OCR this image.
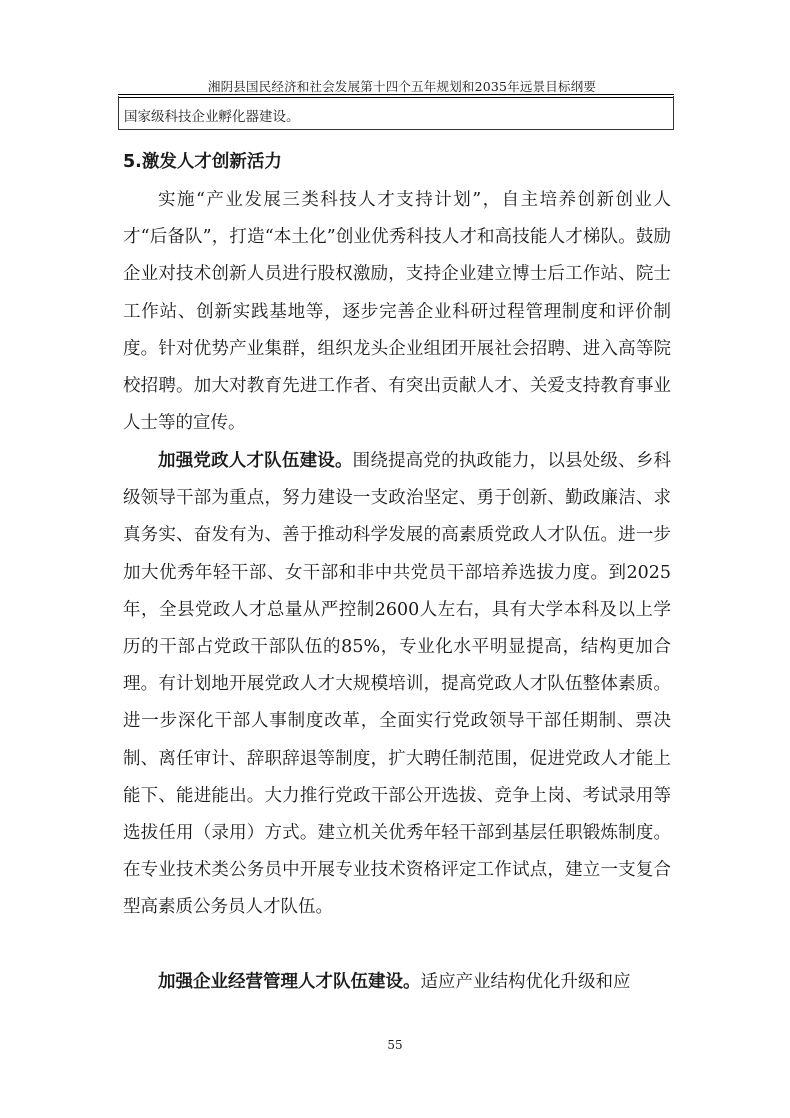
湘阴县国民经济和社会发展第十四个五年规划和2035年远景目标纲要
国家级科技企业孵化器建设。
5.激发人才创新活力

实施“产业发展三类科技人才支持计划”，自主培养创新创业人才“后备队”，打造“本土化”创业优秀科技人才和高技能人才梯队。鼓励企业对技术创新人员进行股权激励，支持企业建立博士后工作站、院士工作站、创新实践基地等，逐步完善企业科研过程管理制度和评价制度。针对优势产业集群，组织龙头企业组团开展社会招聘、进入高等院校招聘。加大对教育先进工作者、有突出贡献人才、关爱支持教育事业人士等的宣传。

加强党政人才队伍建设。围绕提高党的执政能力，以县处级、乡科级领导干部为重点，努力建设一支政治坚定、勇于创新、勤政廉洁、求真务实、奋发有为、善于推动科学发展的高素质党政人才队伍。进一步加大优秀年轻干部、女干部和非中共党员干部培养选拔力度。到2025年，全县党政人才总量从严控制2600人左右，具有大学本科及以上学历的干部占党政干部队伍的85%，专业化水平明显提高，结构更加合理。有计划地开展党政人才大规模培训，提高党政人才队伍整体素质。进一步深化干部人事制度改革，全面实行党政领导干部任期制、票决制、离任审计、辞职辞退等制度，扩大聘任制范围，促进党政人才能上能下、能进能出。大力推行党政干部公开选拔、竞争上岗、考试录用等选拔任用（录用）方式。建立机关优秀年轻干部到基层任职锻炼制度。在专业技术类公务员中开展专业技术资格评定工作试点，建立一支复合型高素质公务员人才队伍。

加强企业经营管理人才队伍建设。适应产业结构优化升级和应

55
